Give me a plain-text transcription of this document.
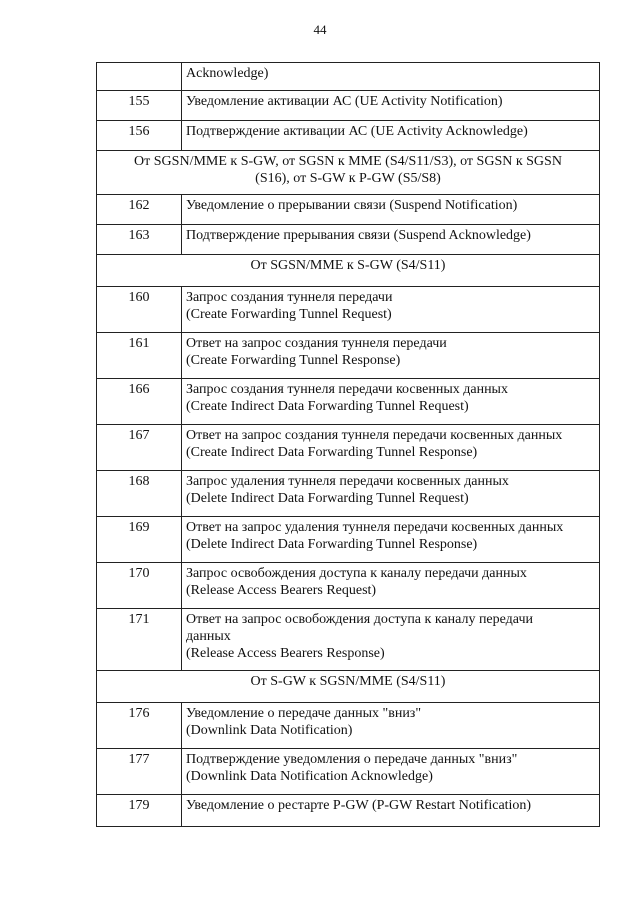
44

	Acknowledge)

155	Уведомление активации АС (UE Activity Notification)

156	Подтверждение активации АС (UE Activity Acknowledge)

От SGSN/MME к S-GW, от SGSN к MME (S4/S11/S3), от SGSN к SGSN
(S16), от S-GW к P-GW (S5/S8)	

162	Уведомление о прерывании связи (Suspend Notification)

163	Подтверждение прерывания связи (Suspend Acknowledge)

От SGSN/MME к S-GW (S4/S11)	

160	Запрос создания туннеля передачи
(Create Forwarding Tunnel Request)

161	Ответ на запрос создания туннеля передачи
(Create Forwarding Tunnel Response)

166	Запрос создания туннеля передачи косвенных данных
(Create Indirect Data Forwarding Tunnel Request)

167	Ответ на запрос создания туннеля передачи косвенных данных
(Create Indirect Data Forwarding Tunnel Response)

168	Запрос удаления туннеля передачи косвенных данных
(Delete Indirect Data Forwarding Tunnel Request)

169	Ответ на запрос удаления туннеля передачи косвенных данных
(Delete Indirect Data Forwarding Tunnel Response)

170	Запрос освобождения доступа к каналу передачи данных
(Release Access Bearers Request)

171	Ответ на запрос освобождения доступа к каналу передачи
данных
(Release Access Bearers Response)

От S-GW к SGSN/MME (S4/S11)	

176	Уведомление о передаче данных "вниз"
(Downlink Data Notification)

177	Подтверждение уведомления о передаче данных "вниз"
(Downlink Data Notification Acknowledge)

179	Уведомление о рестарте P-GW (P-GW Restart Notification)
